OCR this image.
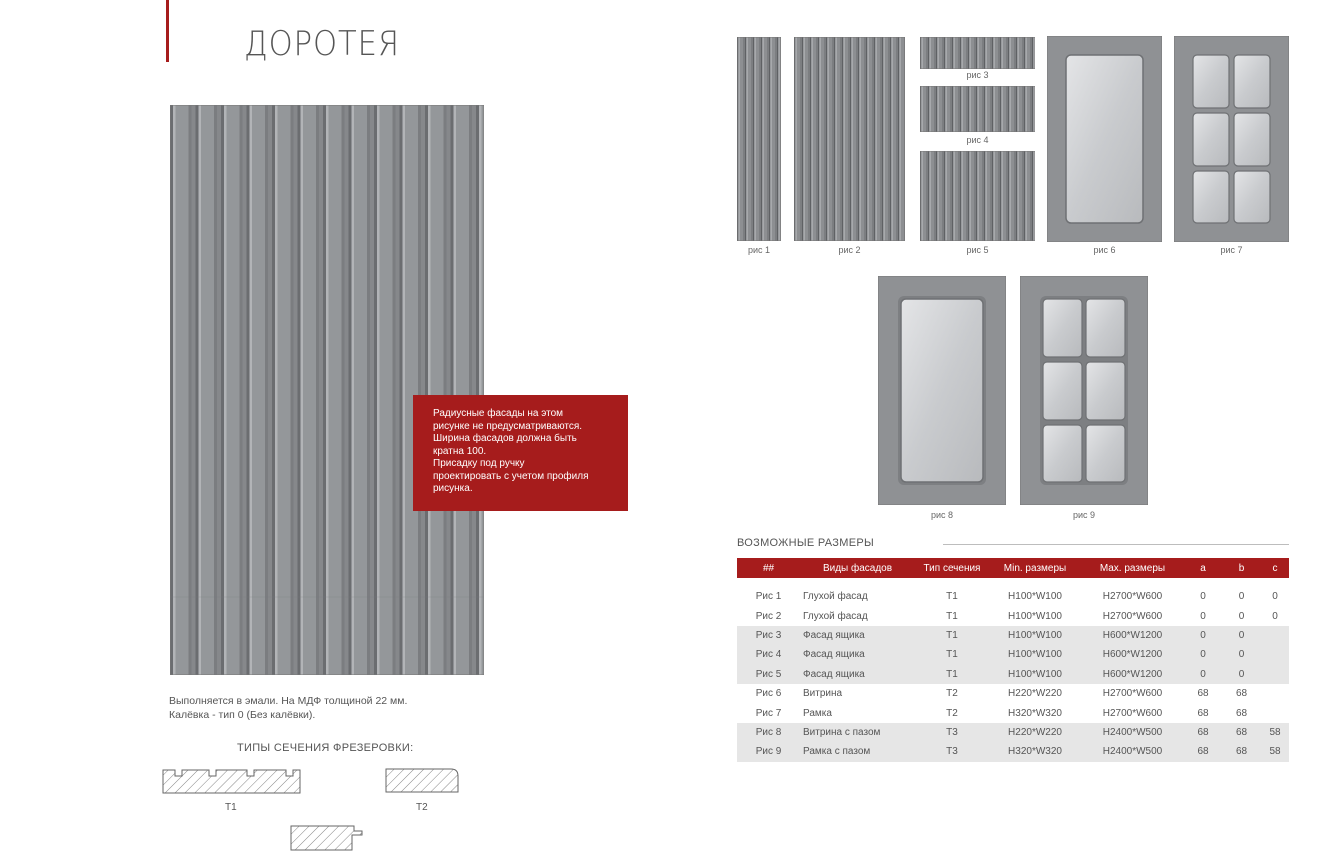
ДОРОТЕЯ

Радиусные фасады на этом
рисунке не предусматриваются.
Ширина фасадов должна быть
кратна 100.
Присадку под ручку
проектировать с учетом профиля
рисунка.

Выполняется в эмали. На МДФ толщиной 22 мм.
Калёвка - тип 0 (Без калёвки).
ТИПЫ СЕЧЕНИЯ ФРЕЗЕРОВКИ:
T1	T2
рис 1	рис 2
рис 3
рис 4
рис 5	рис 6	рис 7
рис 8	рис 9
ВОЗМОЖНЫЕ РАЗМЕРЫ
##	Виды фасадов	Тип сечения	Min. размеры	Max. размеры	a	b	c

Рис 1	Глухой фасад	T1	H100*W100	H2700*W600	0	0	0
Рис 2	Глухой фасад	T1	H100*W100	H2700*W600	0	0	0
Рис 3	Фасад ящика	T1	H100*W100	H600*W1200	0	0	
Рис 4	Фасад ящика	T1	H100*W100	H600*W1200	0	0	
Рис 5	Фасад ящика	T1	H100*W100	H600*W1200	0	0	
Рис 6	Витрина	T2	H220*W220	H2700*W600	68	68	
Рис 7	Рамка	T2	H320*W320	H2700*W600	68	68	
Рис 8	Витрина с пазом	T3	H220*W220	H2400*W500	68	68	58
Рис 9	Рамка с пазом	T3	H320*W320	H2400*W500	68	68	58
